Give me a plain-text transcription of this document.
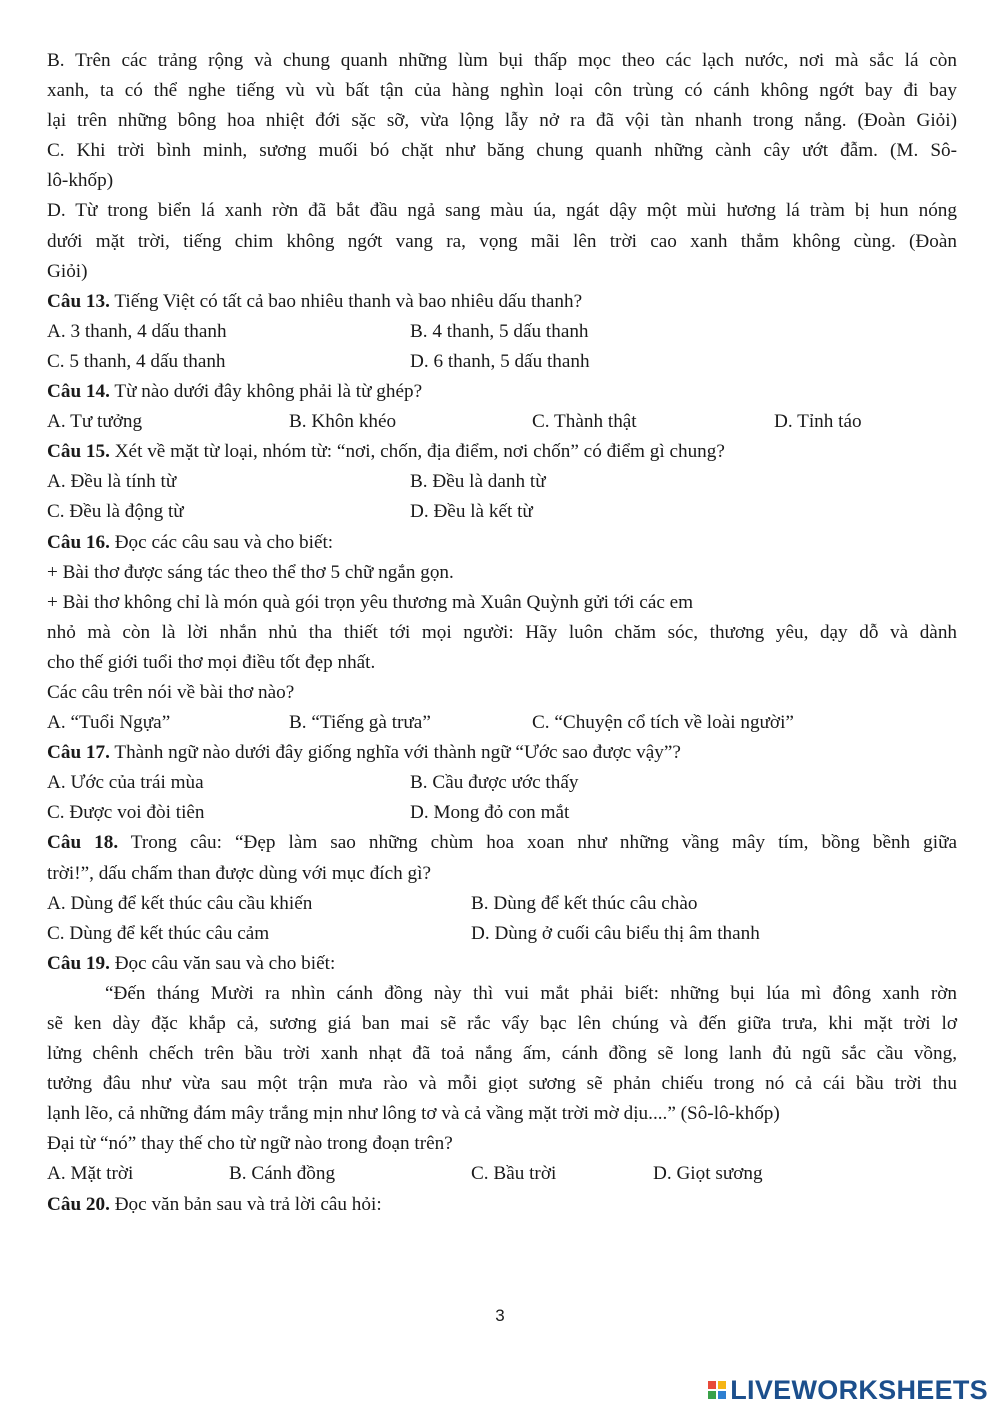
B. Trên các trảng rộng và chung quanh những lùm bụi thấp mọc theo các lạch nước, nơi mà sắc lá còn
xanh, ta có thể nghe tiếng vù vù bất tận của hàng nghìn loại côn trùng có cánh không ngớt bay đi bay
lại trên những bông hoa nhiệt đới sặc sỡ, vừa lộng lẫy nở ra đã vội tàn nhanh trong nắng. (Đoàn Giỏi)
C. Khi trời bình minh, sương muối bó chặt như băng chung quanh những cành cây ướt đẫm. (M. Sô-
lô-khốp)
D. Từ trong biển lá xanh rờn đã bắt đầu ngả sang màu úa, ngát dậy một mùi hương lá tràm bị hun nóng
dưới mặt trời, tiếng chim không ngớt vang ra, vọng mãi lên trời cao xanh thẳm không cùng. (Đoàn
Giỏi)
Câu 13. Tiếng Việt có tất cả bao nhiêu thanh và bao nhiêu dấu thanh?
A. 3 thanh, 4 dấu thanh	B. 4 thanh, 5 dấu thanh
C. 5 thanh, 4 dấu thanh	D. 6 thanh, 5 dấu thanh
Câu 14. Từ nào dưới đây không phải là từ ghép?
A. Tư tưởng	B. Khôn khéo	C. Thành thật	D. Tỉnh táo
Câu 15. Xét về mặt từ loại, nhóm từ: “nơi, chốn, địa điểm, nơi chốn” có điểm gì chung?
A. Đều là tính từ	B. Đều là danh từ
C. Đều là động từ	D. Đều là kết từ
Câu 16. Đọc các câu sau và cho biết:
+ Bài thơ được sáng tác theo thể thơ 5 chữ ngắn gọn.
+ Bài thơ không chỉ là món quà gói trọn yêu thương mà Xuân Quỳnh gửi tới các em
nhỏ mà còn là lời nhắn nhủ tha thiết tới mọi người: Hãy luôn chăm sóc, thương yêu, dạy dỗ và dành
cho thế giới tuổi thơ mọi điều tốt đẹp nhất.
Các câu trên nói về bài thơ nào?
A. “Tuổi Ngựa”	B. “Tiếng gà trưa”	C. “Chuyện cổ tích về loài người”
Câu 17. Thành ngữ nào dưới đây giống nghĩa với thành ngữ “Ước sao được vậy”?
A. Ước của trái mùa	B. Cầu được ước thấy
C. Được voi đòi tiên	D. Mong đỏ con mắt
Câu 18. Trong câu: “Đẹp làm sao những chùm hoa xoan như những vầng mây tím, bồng bềnh giữa
trời!”, dấu chấm than được dùng với mục đích gì?
A. Dùng để kết thúc câu cầu khiến	B. Dùng để kết thúc câu chào
C. Dùng để kết thúc câu cảm	D. Dùng ở cuối câu biểu thị âm thanh
Câu 19. Đọc câu văn sau và cho biết:
“Đến tháng Mười ra nhìn cánh đồng này thì vui mắt phải biết: những bụi lúa mì đông xanh rờn
sẽ ken dày đặc khắp cả, sương giá ban mai sẽ rắc vẩy bạc lên chúng và đến giữa trưa, khi mặt trời lơ
lửng chênh chếch trên bầu trời xanh nhạt đã toả nắng ấm, cánh đồng sẽ long lanh đủ ngũ sắc cầu vồng,
tưởng đâu như vừa sau một trận mưa rào và mỗi giọt sương sẽ phản chiếu trong nó cả cái bầu trời thu
lạnh lẽo, cả những đám mây trắng mịn như lông tơ và cả vầng mặt trời mờ dịu....” (Sô-lô-khốp)
Đại từ “nó” thay thế cho từ ngữ nào trong đoạn trên?
A. Mặt trời	B. Cánh đồng	C. Bầu trời	D. Giọt sương
Câu 20. Đọc văn bản sau và trả lời câu hỏi:
3
LIVEWORKSHEETS
